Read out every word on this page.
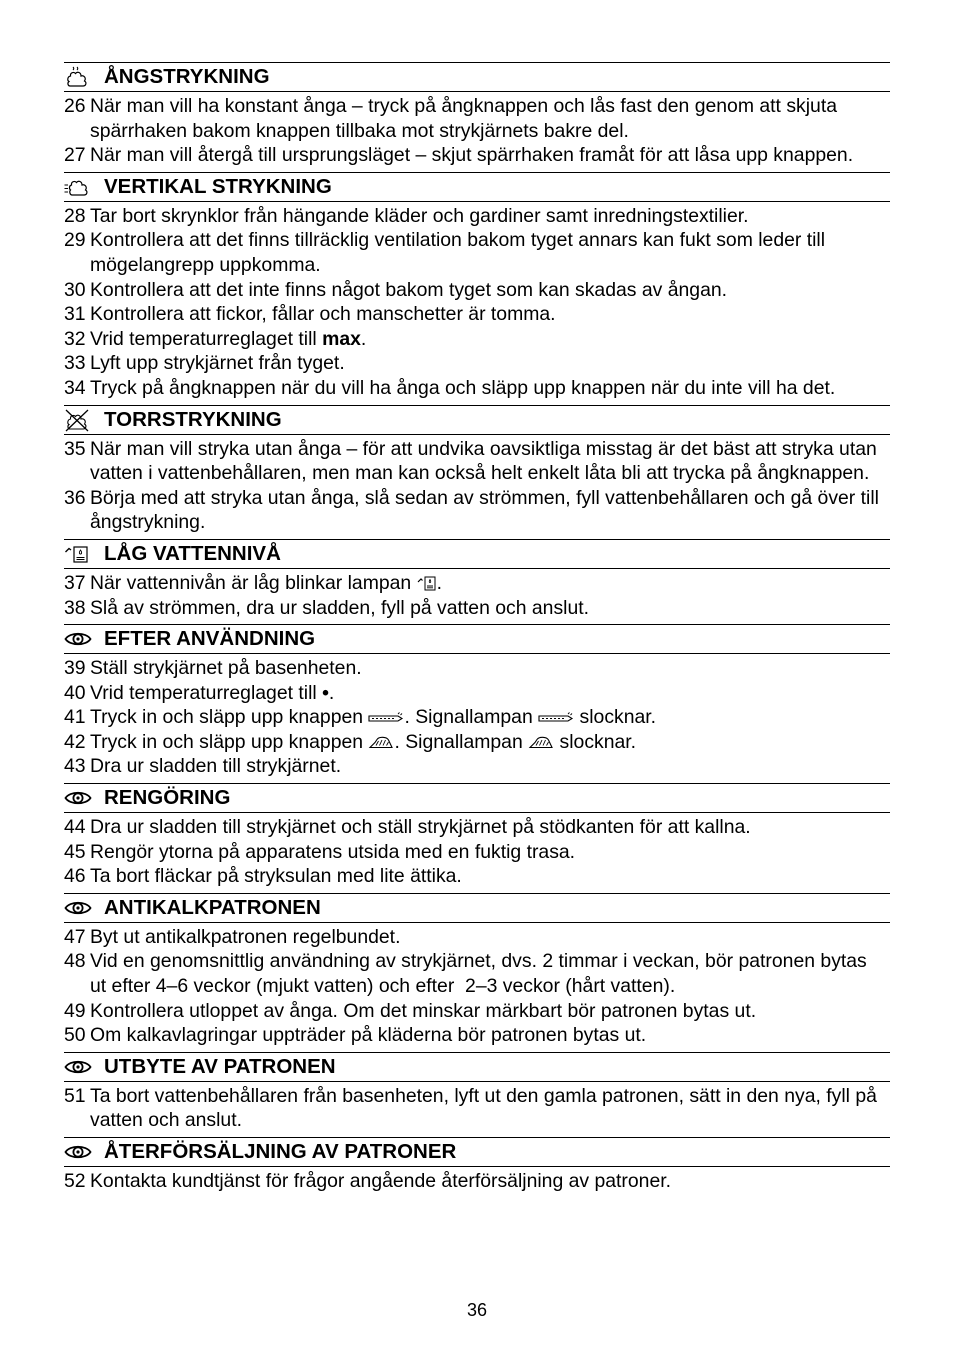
ÅNGSTRYKNING
26 När man vill ha konstant ånga – tryck på ångknappen och lås fast den genom att skjuta
spärrhaken bakom knappen tillbaka mot strykjärnets bakre del.
27 När man vill återgå till ursprungsläget – skjut spärrhaken framåt för att låsa upp knappen.
VERTIKAL STRYKNING
28 Tar bort skrynklor från hängande kläder och gardiner samt inredningstextilier.
29 Kontrollera att det finns tillräcklig ventilation bakom tyget annars kan fukt som leder till
mögelangrepp uppkomma.
30 Kontrollera att det inte finns något bakom tyget som kan skadas av ångan.
31 Kontrollera att fickor, fållar och manschetter är tomma.
32 Vrid temperaturreglaget till max.
33 Lyft upp strykjärnet från tyget.
34 Tryck på ångknappen när du vill ha ånga och släpp upp knappen när du inte vill ha det.
TORRSTRYKNING
35 När man vill stryka utan ånga – för att undvika oavsiktliga misstag är det bäst att stryka utan
vatten i vattenbehållaren, men man kan också helt enkelt låta bli att trycka på ångknappen.
36 Börja med att stryka utan ånga, slå sedan av strömmen, fyll vattenbehållaren och gå över till
ångstrykning.
LÅG VATTENNIVÅ
37 När vattennivån är låg blinkar lampan
.
38 Slå av strömmen, dra ur sladden, fyll på vatten och anslut.
EFTER ANVÄNDNING
39 Ställ strykjärnet på basenheten.
40 Vrid temperaturreglaget till •.
41 Tryck in och släpp upp knappen
. Signallampan
slocknar.
42 Tryck in och släpp upp knappen
. Signallampan
slocknar.
43 Dra ur sladden till strykjärnet.
RENGÖRING
44 Dra ur sladden till strykjärnet och ställ strykjärnet på stödkanten för att kallna.
45 Rengör ytorna på apparatens utsida med en fuktig trasa.
46 Ta bort fläckar på stryksulan med lite ättika.
ANTIKALKPATRONEN
47 Byt ut antikalkpatronen regelbundet.
48 Vid en genomsnittlig användning av strykjärnet, dvs. 2 timmar i veckan, bör patronen bytas
ut efter 4–6 veckor (mjukt vatten) och efter  2–3 veckor (hårt vatten).
49 Kontrollera utloppet av ånga. Om det minskar märkbart bör patronen bytas ut.
50 Om kalkavlagringar uppträder på kläderna bör patronen bytas ut.
UTBYTE AV PATRONEN
51 Ta bort vattenbehållaren från basenheten, lyft ut den gamla patronen, sätt in den nya, fyll på
vatten och anslut.
ÅTERFÖRSÄLJNING AV PATRONER
52 Kontakta kundtjänst för frågor angående återförsäljning av patroner.
36
